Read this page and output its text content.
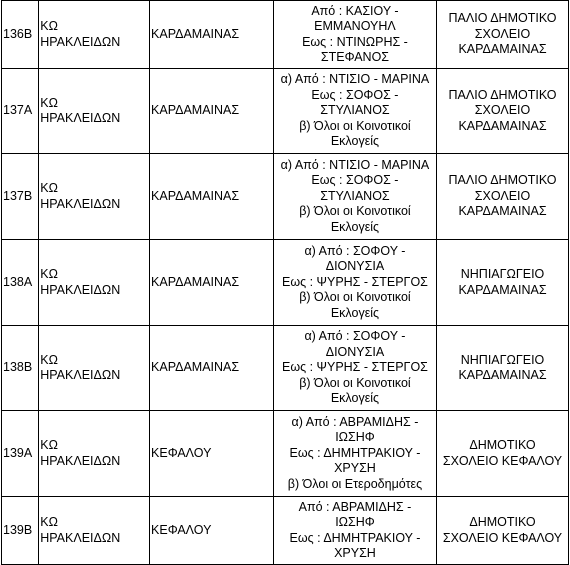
136Β	ΚΩ
ΗΡΑΚΛΕΙΔΩΝ	ΚΑΡΔΑΜΑΙΝΑΣ	Από : ΚΑΣΙΟΥ -
ΕΜΜΑΝΟΥΗΛ
Εως : ΝΤΙΝΩΡΗΣ -
ΣΤΕΦΑΝΟΣ	ΠΑΛΙΟ ΔΗΜΟΤΙΚΟ
ΣΧΟΛΕΙΟ
ΚΑΡΔΑΜΑΙΝΑΣ

137Α	ΚΩ
ΗΡΑΚΛΕΙΔΩΝ	ΚΑΡΔΑΜΑΙΝΑΣ	α) Από : ΝΤΙΣΙΟ - ΜΑΡΙΝΑ
Εως : ΣΟΦΟΣ -
ΣΤΥΛΙΑΝΟΣ
β) Όλοι οι Κοινοτικοί
Εκλογείς	ΠΑΛΙΟ ΔΗΜΟΤΙΚΟ
ΣΧΟΛΕΙΟ
ΚΑΡΔΑΜΑΙΝΑΣ

137Β	ΚΩ
ΗΡΑΚΛΕΙΔΩΝ	ΚΑΡΔΑΜΑΙΝΑΣ	α) Από : ΝΤΙΣΙΟ - ΜΑΡΙΝΑ
Εως : ΣΟΦΟΣ -
ΣΤΥΛΙΑΝΟΣ
β) Όλοι οι Κοινοτικοί
Εκλογείς	ΠΑΛΙΟ ΔΗΜΟΤΙΚΟ
ΣΧΟΛΕΙΟ
ΚΑΡΔΑΜΑΙΝΑΣ

138Α	ΚΩ
ΗΡΑΚΛΕΙΔΩΝ	ΚΑΡΔΑΜΑΙΝΑΣ	α) Από : ΣΟΦΟΥ -
ΔΙΟΝΥΣΙΑ
Εως : ΨΥΡΗΣ - ΣΤΕΡΓΟΣ
β) Όλοι οι Κοινοτικοί
Εκλογείς	ΝΗΠΙΑΓΩΓΕΙΟ
ΚΑΡΔΑΜΑΙΝΑΣ

138Β	ΚΩ
ΗΡΑΚΛΕΙΔΩΝ	ΚΑΡΔΑΜΑΙΝΑΣ	α) Από : ΣΟΦΟΥ -
ΔΙΟΝΥΣΙΑ
Εως : ΨΥΡΗΣ - ΣΤΕΡΓΟΣ
β) Όλοι οι Κοινοτικοί
Εκλογείς	ΝΗΠΙΑΓΩΓΕΙΟ
ΚΑΡΔΑΜΑΙΝΑΣ

139Α	ΚΩ
ΗΡΑΚΛΕΙΔΩΝ	ΚΕΦΑΛΟΥ	α) Από : ΑΒΡΑΜΙΔΗΣ -
ΙΩΣΗΦ
Εως : ΔΗΜΗΤΡΑΚΙΟΥ -
ΧΡΥΣΗ
β) Όλοι οι Ετεροδημότες	ΔΗΜΟΤΙΚΟ
ΣΧΟΛΕΙΟ ΚΕΦΑΛΟΥ

139Β	ΚΩ
ΗΡΑΚΛΕΙΔΩΝ	ΚΕΦΑΛΟΥ	Από : ΑΒΡΑΜΙΔΗΣ -
ΙΩΣΗΦ
Εως : ΔΗΜΗΤΡΑΚΙΟΥ -
ΧΡΥΣΗ	ΔΗΜΟΤΙΚΟ
ΣΧΟΛΕΙΟ ΚΕΦΑΛΟΥ
